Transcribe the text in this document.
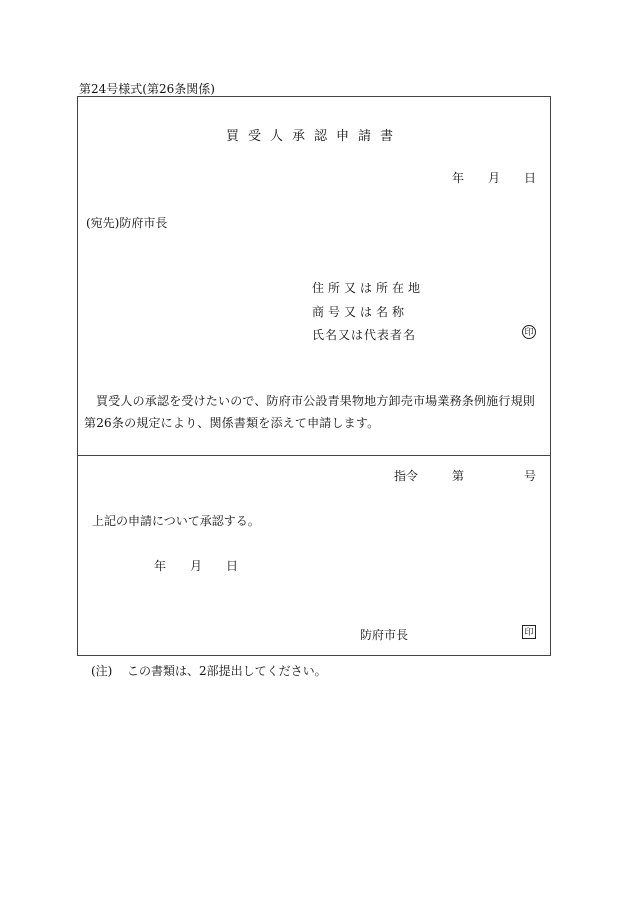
第24号様式(第26条関係)
買受人承認申請書
年 月 日
(宛先)防府市長
住所又は所在地
商号又は名称
氏名又は代表者名	印
買受人の承認を受けたいので、防府市公設青果物地方卸売市場業務条例施行規則第26条の規定により、関係書類を添えて申請します。
指令	第	号
上記の申請について承認する。
年 月 日
防府市長	印
(注) この書類は、2部提出してください。
